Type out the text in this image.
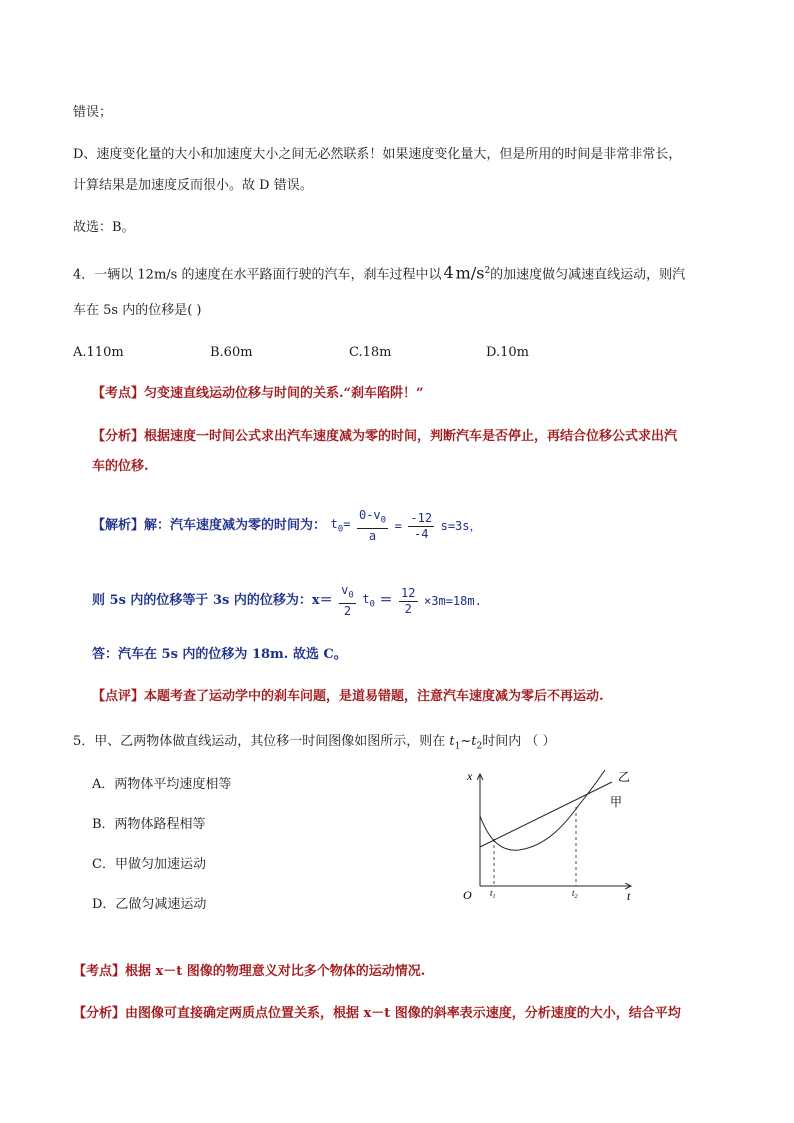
错误；
D、速度变化量的大小和加速度大小之间无必然联系！如果速度变化量大，但是所用的时间是非常非常长，
计算结果是加速度反而很小。故 D 错误。
故选：B。
4．一辆以 12m/s 的速度在水平路面行驶的汽车，刹车过程中以 4 $m/s^2$的加速度做匀减速直线运动，则汽
车在 5s 内的位移是( )
A.110m	B.60m	C.18m	D.10m
【考点】匀变速直线运动位移与时间的关系.“刹车陷阱！”
【分析】根据速度一时间公式求出汽车速度减为零的时间，判断汽车是否停止，再结合位移公式求出汽
车的位移.
【解析】解：汽车速度减为零的时间为： $t_0= \frac{0-v_0}{a} = \frac{-12}{-4} s=3s$，
则 5s 内的位移等于 3s 内的位移为：$x= \frac{v_0}{2} t_0 = \frac{12}{2} \times 3m=18m$.
答：汽车在 5s 内的位移为 18m. 故选 C。
【点评】本题考查了运动学中的刹车问题，是道易错题，注意汽车速度减为零后不再运动.
5．甲、乙两物体做直线运动，其位移一时间图像如图所示，则在 $t_1\sim t_2$时间内 （ ）
A．两物体平均速度相等
B．两物体路程相等
C．甲做匀加速运动
D．乙做匀减速运动
x
t
O $t_1$	$t_2$
甲
乙
【考点】根据 x－t 图像的物理意义对比多个物体的运动情况.
【分析】由图像可直接确定两质点位置关系，根据 x－t 图像的斜率表示速度，分析速度的大小，结合平均
